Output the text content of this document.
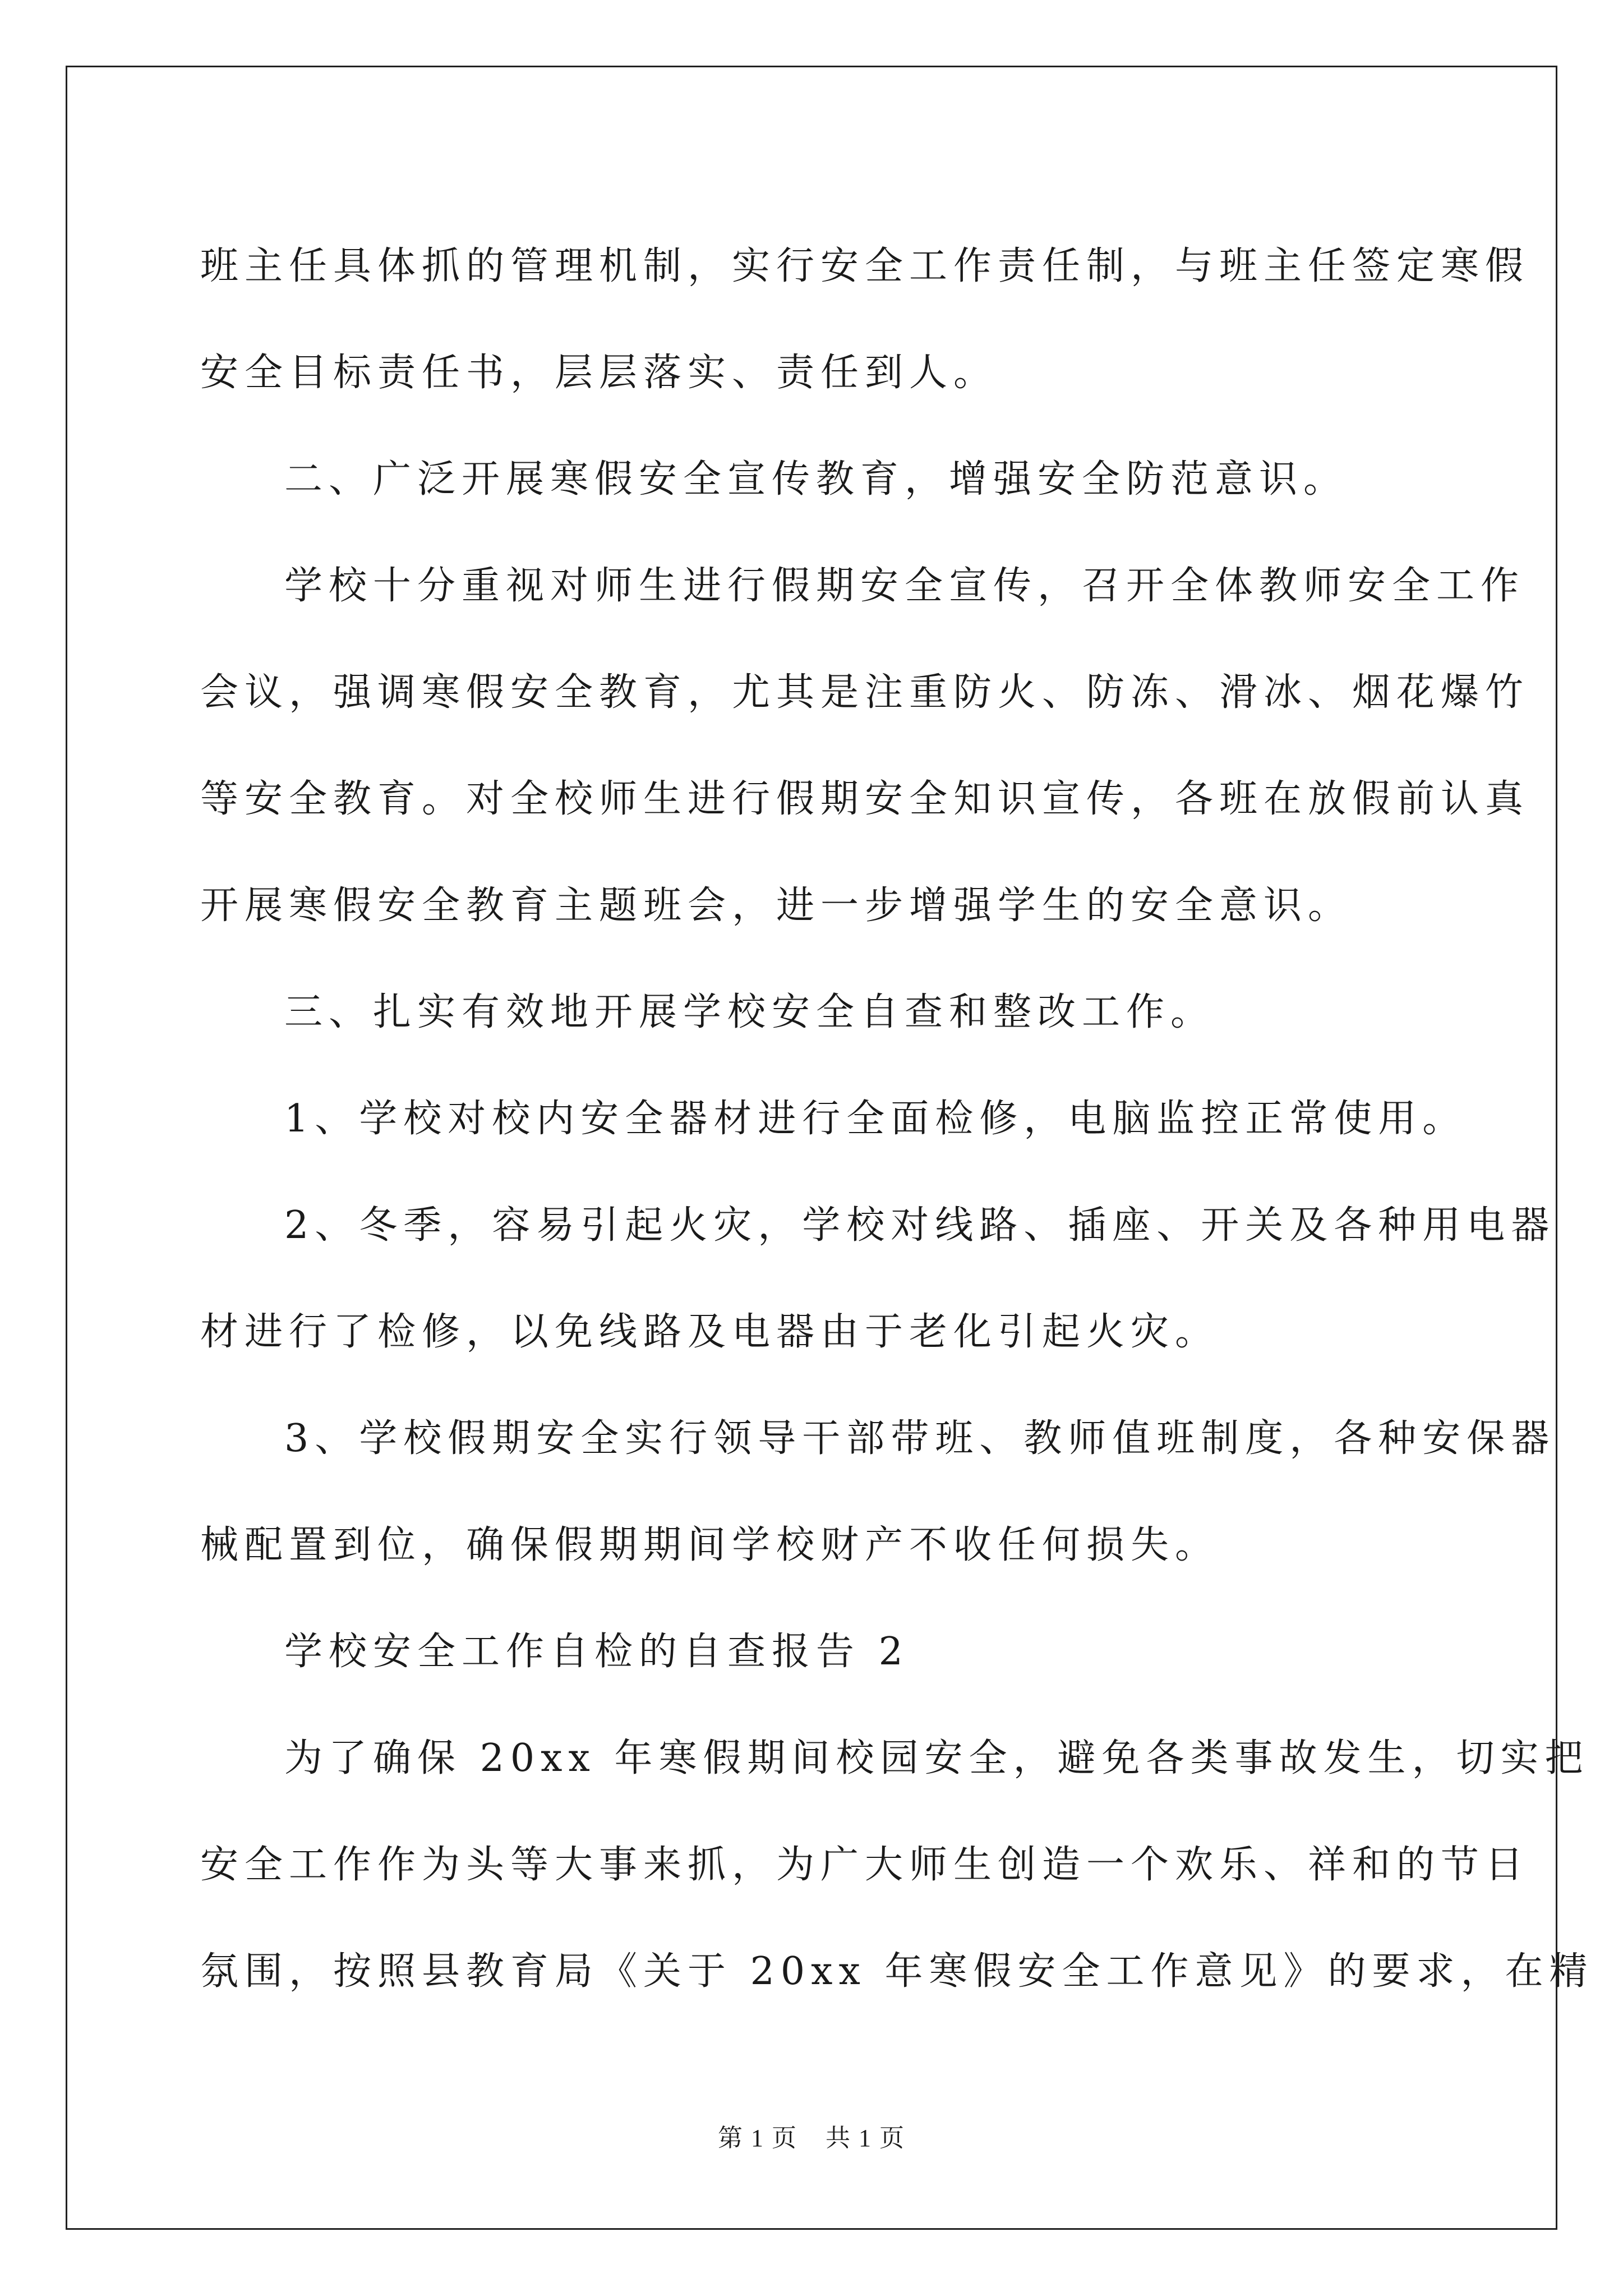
班主任具体抓的管理机制，实行安全工作责任制，与班主任签定寒假
安全目标责任书，层层落实、责任到人。
二、广泛开展寒假安全宣传教育，增强安全防范意识。
学校十分重视对师生进行假期安全宣传，召开全体教师安全工作
会议，强调寒假安全教育，尤其是注重防火、防冻、滑冰、烟花爆竹
等安全教育。对全校师生进行假期安全知识宣传，各班在放假前认真
开展寒假安全教育主题班会，进一步增强学生的安全意识。
三、扎实有效地开展学校安全自查和整改工作。
1、学校对校内安全器材进行全面检修，电脑监控正常使用。
2、冬季，容易引起火灾，学校对线路、插座、开关及各种用电器
材进行了检修，以免线路及电器由于老化引起火灾。
3、学校假期安全实行领导干部带班、教师值班制度，各种安保器
械配置到位，确保假期期间学校财产不收任何损失。
学校安全工作自检的自查报告 2
为了确保 20xx 年寒假期间校园安全，避免各类事故发生，切实把
安全工作作为头等大事来抓，为广大师生创造一个欢乐、祥和的节日
氛围，按照县教育局《关于 20xx 年寒假安全工作意见》的要求，在精
第 1 页 共 1 页
